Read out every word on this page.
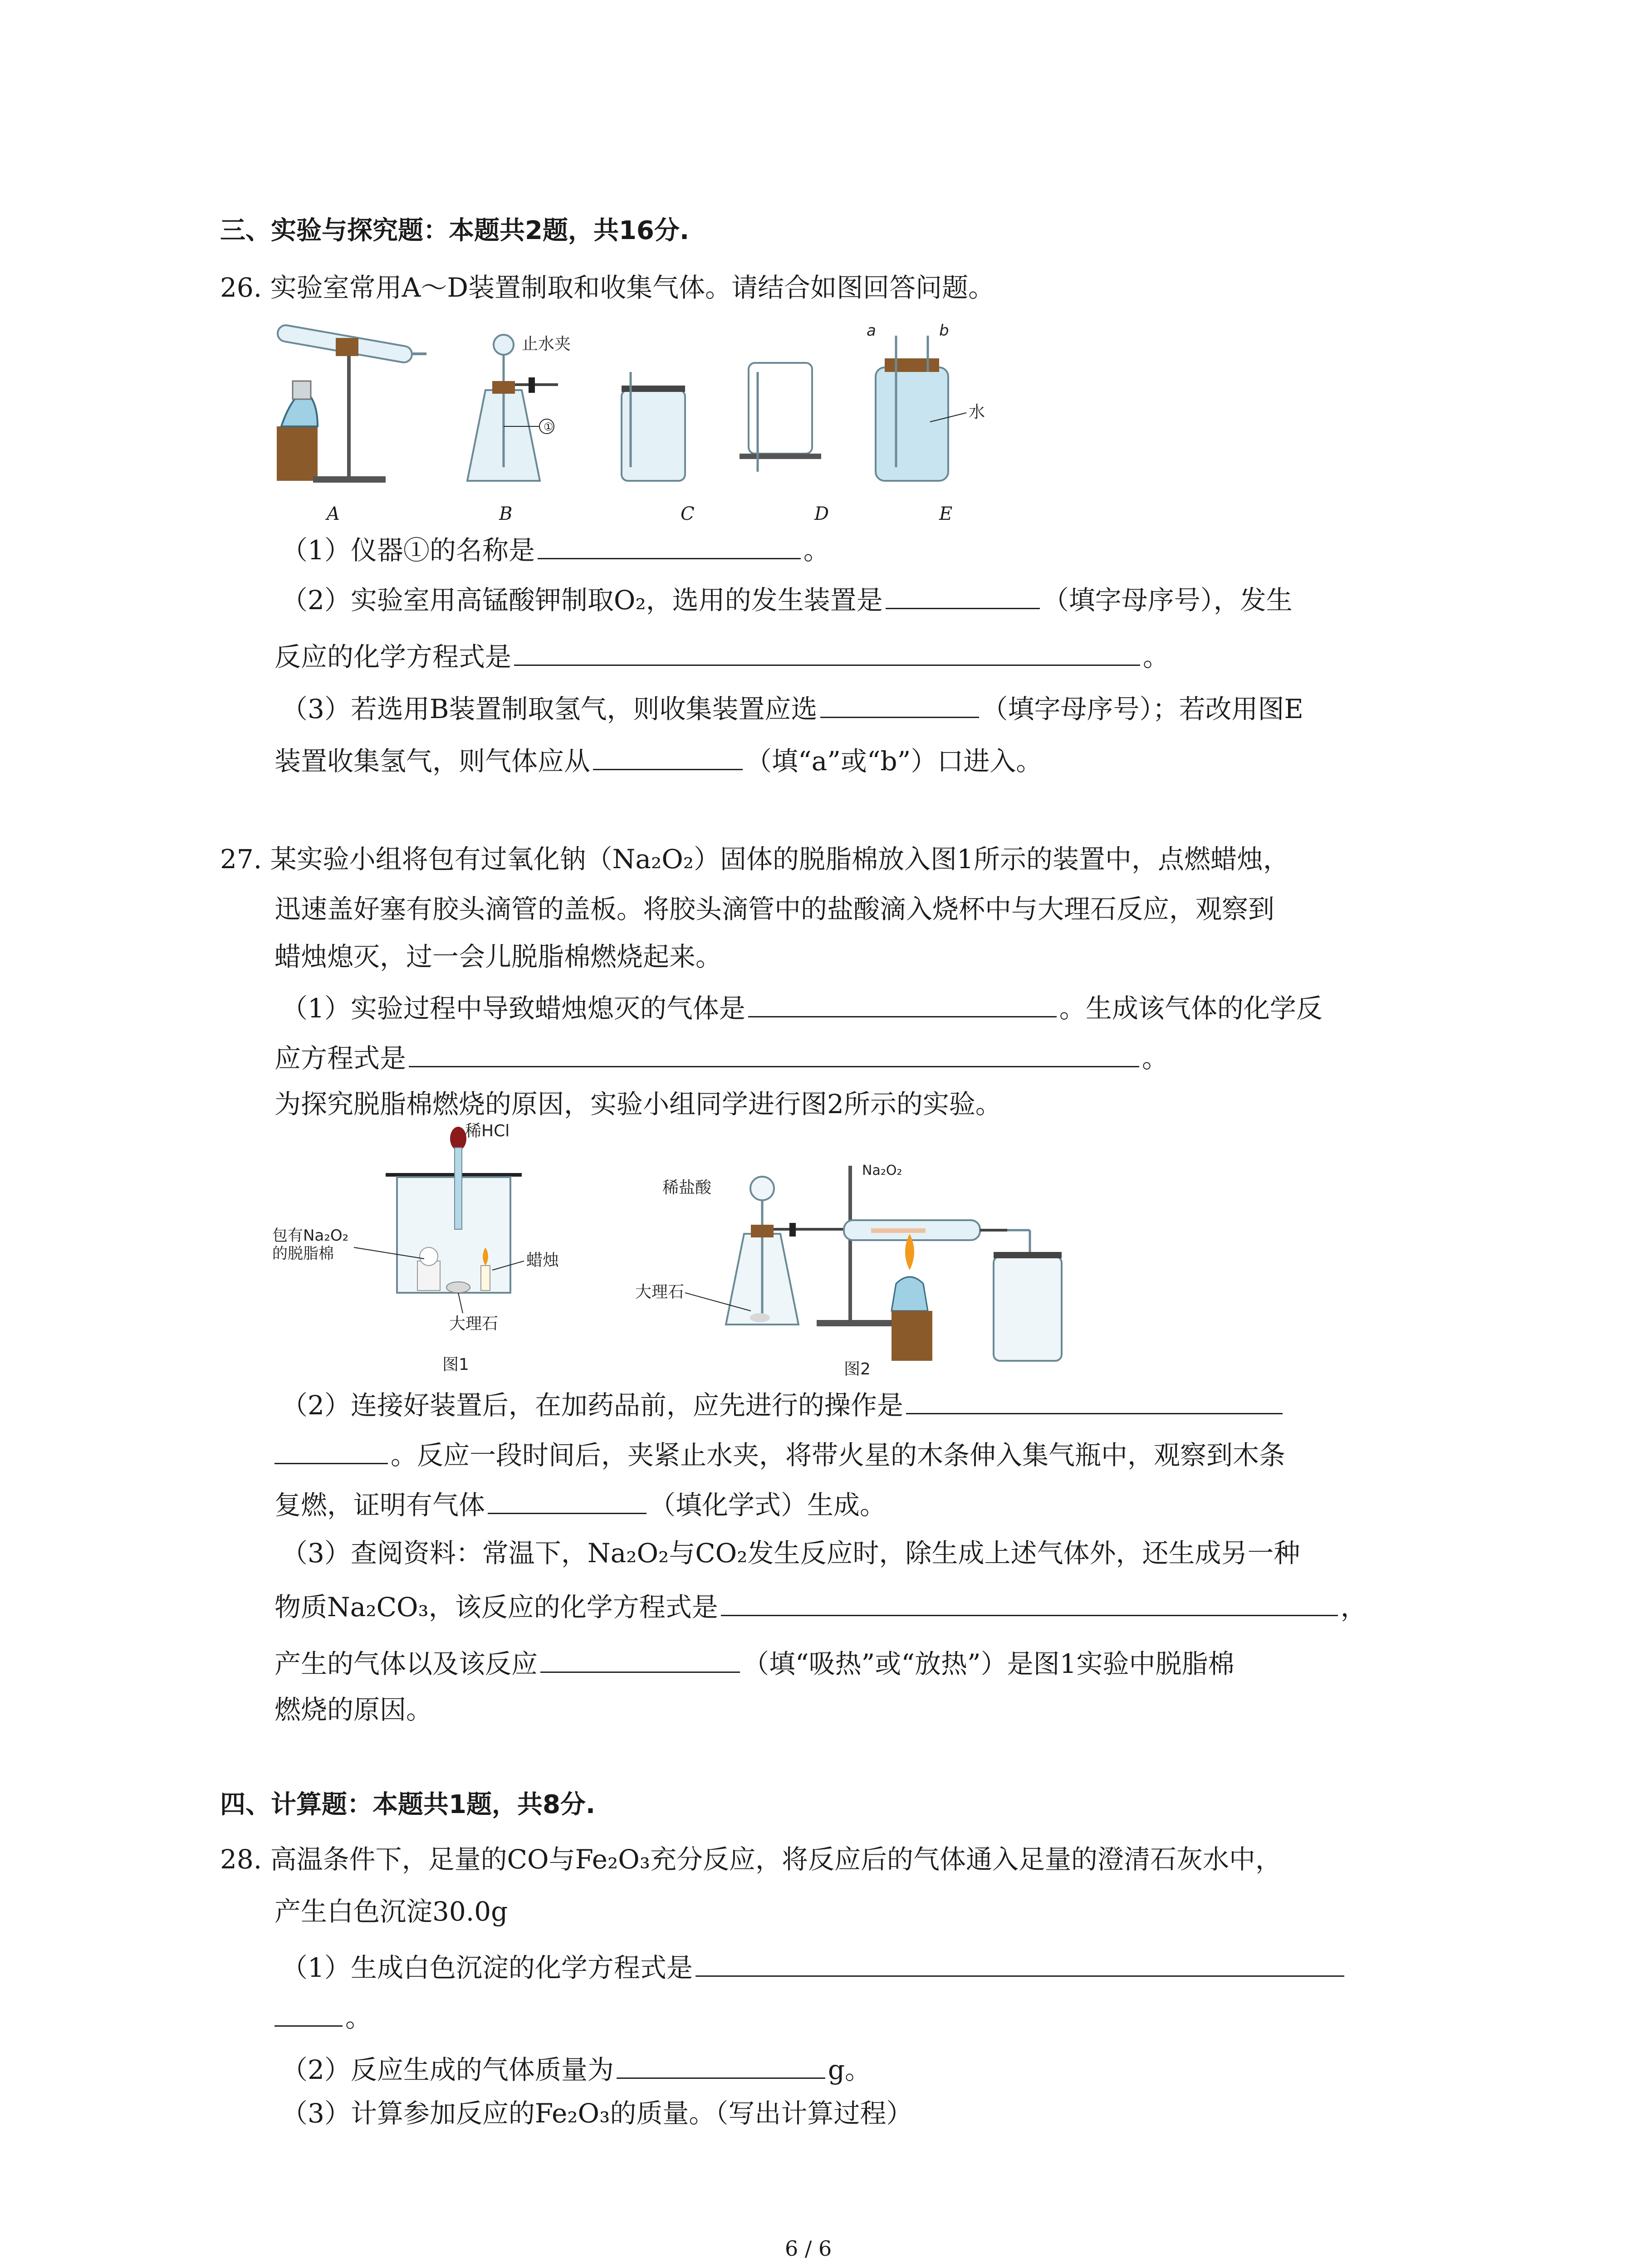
三、实验与探究题：本题共2题，共16分.
26. 实验室常用A～D装置制取和收集气体。请结合如图回答问题。
①
止水夹
a	b
水
A	B	C	D	E
（1）仪器①的名称是	。
（2）实验室用高锰酸钾制取O₂，选用的发生装置是	（填字母序号），发生
反应的化学方程式是	。
（3）若选用B装置制取氢气，则收集装置应选	（填字母序号）；若改用图E
装置收集氢气，则气体应从	（填“a”或“b”）口进入。
27. 某实验小组将包有过氧化钠（Na₂O₂）固体的脱脂棉放入图1所示的装置中，点燃蜡烛，
迅速盖好塞有胶头滴管的盖板。将胶头滴管中的盐酸滴入烧杯中与大理石反应，观察到
蜡烛熄灭，过一会儿脱脂棉燃烧起来。
（1）实验过程中导致蜡烛熄灭的气体是	。生成该气体的化学反
应方程式是	。
为探究脱脂棉燃烧的原因，实验小组同学进行图2所示的实验。
稀HCl
包有Na₂O₂
的脱脂棉	蜡烛
大理石
图1
稀盐酸
Na₂O₂
大理石
图2
（2）连接好装置后，在加药品前，应先进行的操作是
。反应一段时间后，夹紧止水夹，将带火星的木条伸入集气瓶中，观察到木条
复燃，证明有气体	（填化学式）生成。
（3）查阅资料：常温下，Na₂O₂与CO₂发生反应时，除生成上述气体外，还生成另一种
物质Na₂CO₃，该反应的化学方程式是	，
产生的气体以及该反应	（填“吸热”或“放热”）是图1实验中脱脂棉
燃烧的原因。
四、计算题：本题共1题，共8分.
28. 高温条件下，足量的CO与Fe₂O₃充分反应，将反应后的气体通入足量的澄清石灰水中，
产生白色沉淀30.0g
（1）生成白色沉淀的化学方程式是
。
（2）反应生成的气体质量为	g。
（3）计算参加反应的Fe₂O₃的质量。（写出计算过程）
6 / 6
